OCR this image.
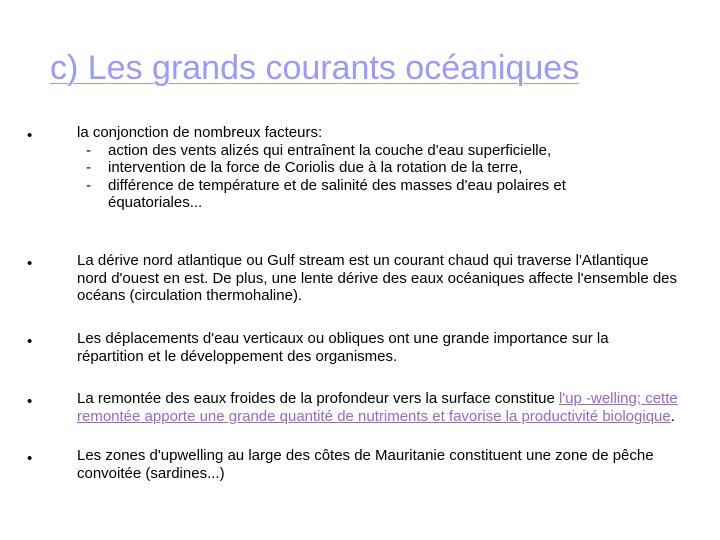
c) Les grands courants océaniques
•	la conjonction de nombreux facteurs:
- action des vents alizés qui entraînent la couche d'eau superficielle,
- intervention de la force de Coriolis due à la rotation de la terre,
- différence de température et de salinité des masses d'eau polaires et
équatoriales...
•	La dérive nord atlantique ou Gulf stream est un courant chaud qui traverse l'Atlantique nord d'ouest en est. De plus, une lente dérive des eaux océaniques affecte l'ensemble des océans (circulation thermohaline).
•	Les déplacements d'eau verticaux ou obliques ont une grande importance sur la répartition et le développement des organismes.
•	La remontée des eaux froides de la profondeur vers la surface constitue l'up -welling; cette remontée apporte une grande quantité de nutriments et favorise la productivité biologique.
•	Les zones d'upwelling au large des côtes de Mauritanie constituent une zone de pêche convoitée (sardines...)
